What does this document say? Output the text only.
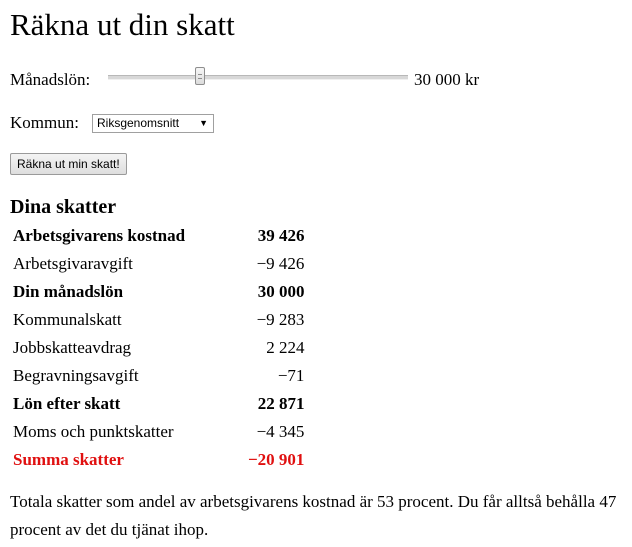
Räkna ut din skatt
Månadslön:	30 000 kr
Kommun:	Riksgenomsnitt ▼
Räkna ut min skatt!
Dina skatter
Arbetsgivarens kostnad	39 426
Arbetsgivaravgift	−9 426
Din månadslön	30 000
Kommunalskatt	−9 283
Jobbskatteavdrag	2 224
Begravningsavgift	−71
Lön efter skatt	22 871
Moms och punktskatter	−4 345
Summa skatter	−20 901
Totala skatter som andel av arbetsgivarens kostnad är 53 procent. Du får alltså behålla 47 procent av det du tjänat ihop.
